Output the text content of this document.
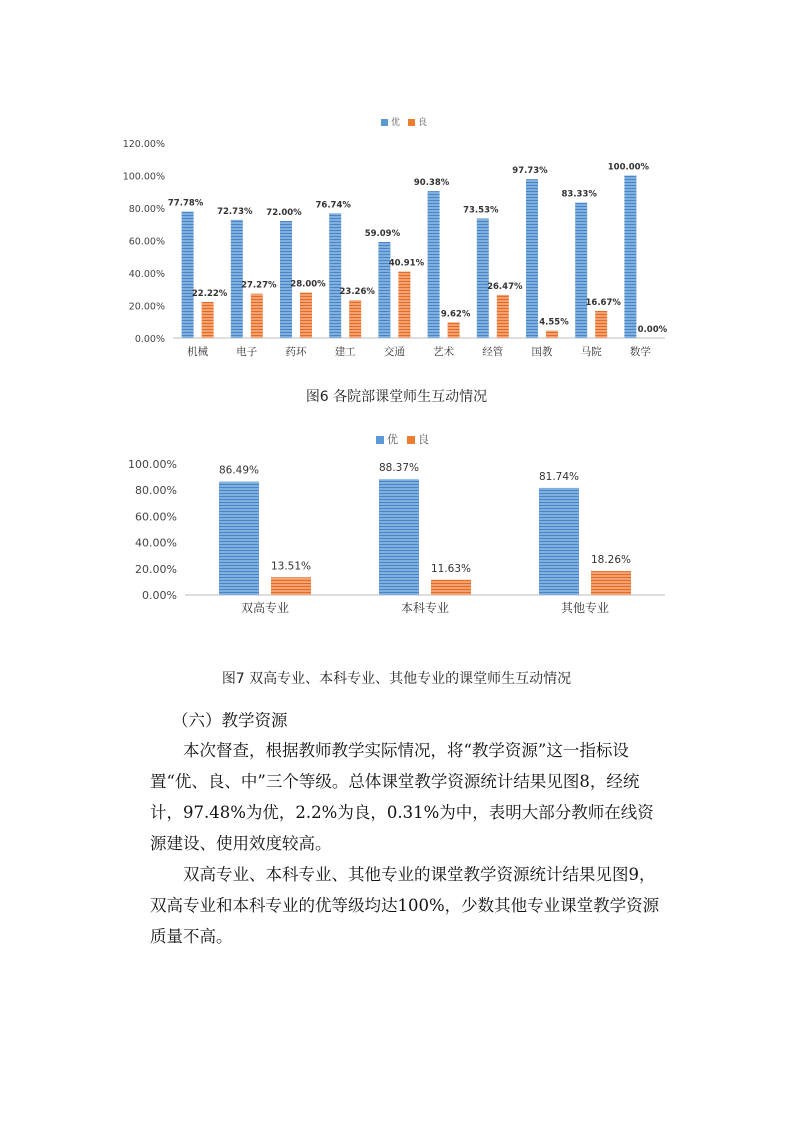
优 良
0.00%
20.00%
40.00%
60.00%
80.00%
100.00%
120.00%
77.78%
22.22%
机械
72.73%
27.27%
电子
72.00%
28.00%
药环
76.74%
23.26%
建工
59.09%
40.91%
交通
90.38%
9.62%
艺术
73.53%
26.47%
经管
97.73%
4.55%
国教
83.33%
16.67%
马院
100.00%
0.00%
数学
图6 各院部课堂师生互动情况
优 良
0.00%
20.00%
40.00%
60.00%
80.00%
100.00%	86.49%
13.51%
双高专业
88.37%
11.63%
本科专业
81.74%
18.26%
其他专业
图7 双高专业、本科专业、其他专业的课堂师生互动情况
（六）教学资源

本次督查，根据教师教学实际情况，将“教学资源”这一指标设置“优、良、中”三个等级。总体课堂教学资源统计结果见图8，经统计，97.48%为优，2.2%为良，0.31%为中，表明大部分教师在线资源建设、使用效度较高。

双高专业、本科专业、其他专业的课堂教学资源统计结果见图9，双高专业和本科专业的优等级均达100%，少数其他专业课堂教学资源质量不高。
